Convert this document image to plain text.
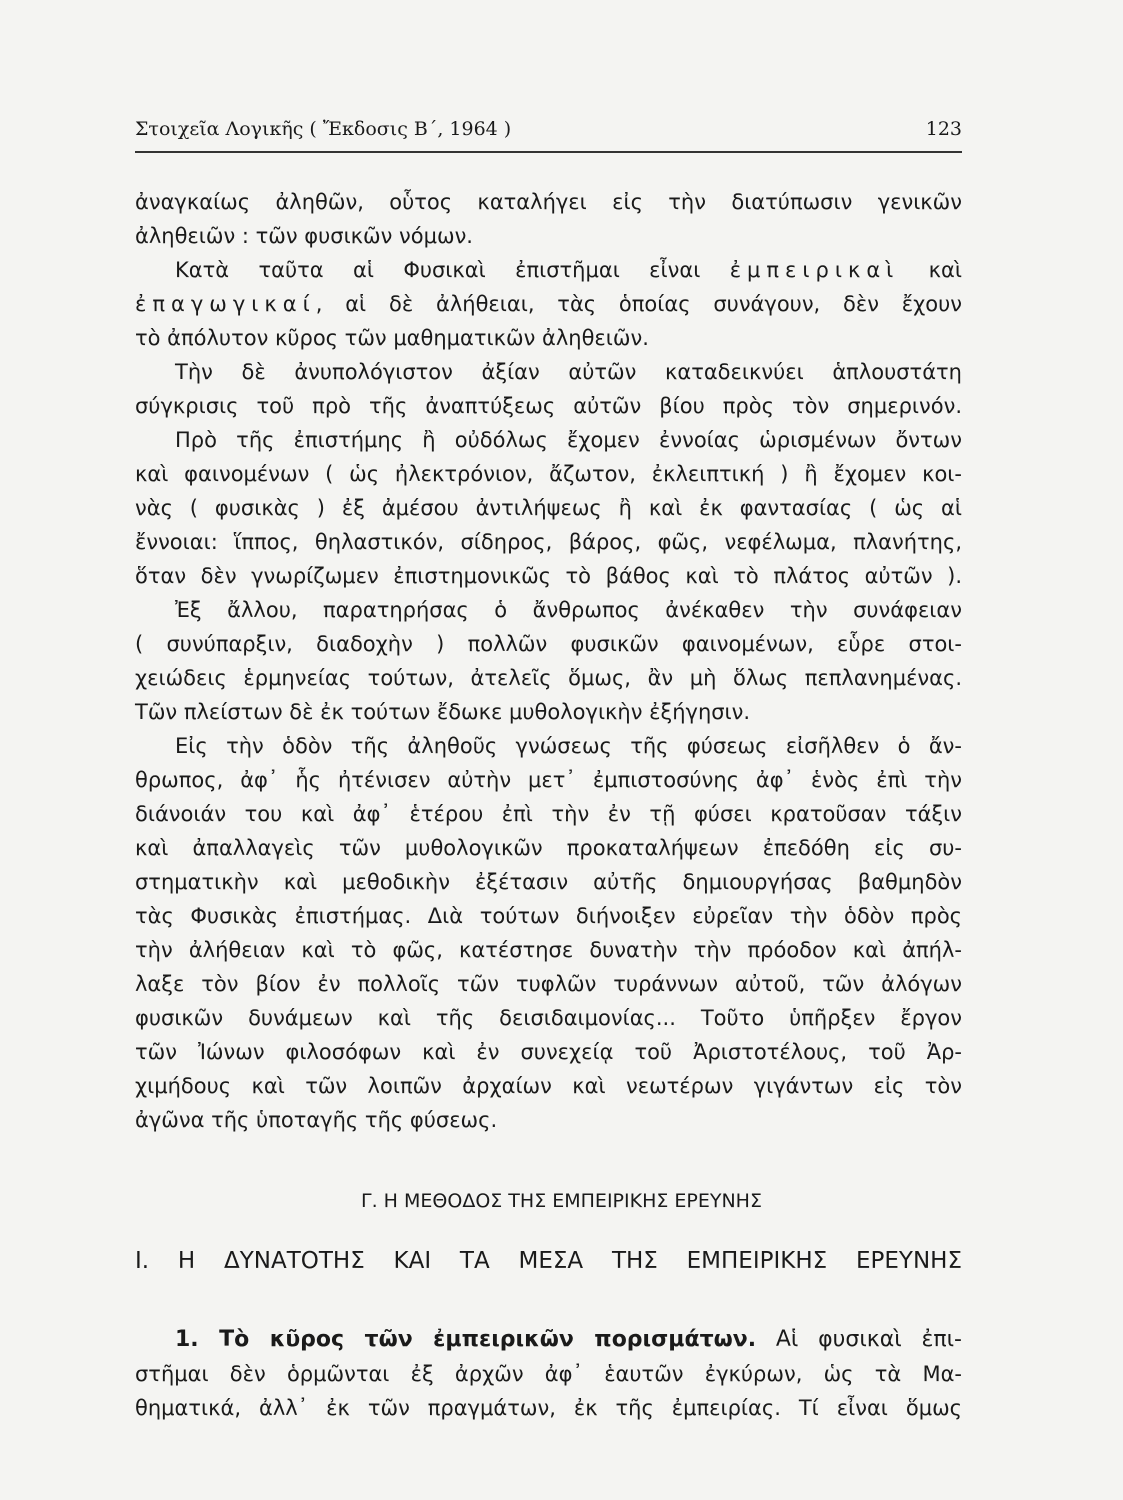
Στοιχεῖα Λογικῆς ( Ἔκδοσις Β΄, 1964 )	123
ἀναγκαίως ἀληθῶν, οὗτος καταλήγει εἰς τὴν διατύπωσιν γενικῶν
ἀληθειῶν : τῶν φυσικῶν νόμων.
Κατὰ ταῦτα αἱ Φυσικαὶ ἐπιστῆμαι εἶναι ἐμπειρικαὶ καὶ
ἐπαγωγικαί, αἱ δὲ ἀλήθειαι, τὰς ὁποίας συνάγουν, δὲν ἔχουν
τὸ ἀπόλυτον κῦρος τῶν μαθηματικῶν ἀληθειῶν.
Τὴν δὲ ἀνυπολόγιστον ἀξίαν αὐτῶν καταδεικνύει ἁπλουστάτη
σύγκρισις τοῦ πρὸ τῆς ἀναπτύξεως αὐτῶν βίου πρὸς τὸν σημερινόν.
Πρὸ τῆς ἐπιστήμης ἢ οὐδόλως ἔχομεν ἐννοίας ὡρισμένων ὄντων
καὶ φαινομένων ( ὡς ἠλεκτρόνιον, ἄζωτον, ἐκλειπτική ) ἢ ἔχομεν κοι-
νὰς ( φυσικὰς ) ἐξ ἀμέσου ἀντιλήψεως ἢ καὶ ἐκ φαντασίας ( ὡς αἱ
ἔννοιαι: ἵππος, θηλαστικόν, σίδηρος, βάρος, φῶς, νεφέλωμα, πλανήτης,
ὅταν δὲν γνωρίζωμεν ἐπιστημονικῶς τὸ βάθος καὶ τὸ πλάτος αὐτῶν ).
Ἐξ ἄλλου, παρατηρήσας ὁ ἄνθρωπος ἀνέκαθεν τὴν συνάφειαν
( συνύπαρξιν, διαδοχὴν ) πολλῶν φυσικῶν φαινομένων, εὗρε στοι-
χειώδεις ἑρμηνείας τούτων, ἀτελεῖς ὅμως, ἂν μὴ ὅλως πεπλανημένας.
Τῶν πλείστων δὲ ἐκ τούτων ἔδωκε μυθολογικὴν ἐξήγησιν.
Εἰς τὴν ὁδὸν τῆς ἀληθοῦς γνώσεως τῆς φύσεως εἰσῆλθεν ὁ ἄν-
θρωπος, ἀφ᾽ ἧς ἠτένισεν αὐτὴν μετ᾽ ἐμπιστοσύνης ἀφ᾽ ἑνὸς ἐπὶ τὴν
διάνοιάν του καὶ ἀφ᾽ ἑτέρου ἐπὶ τὴν ἐν τῇ φύσει κρατοῦσαν τάξιν
καὶ ἀπαλλαγεὶς τῶν μυθολογικῶν προκαταλήψεων ἐπεδόθη εἰς συ-
στηματικὴν καὶ μεθοδικὴν ἐξέτασιν αὐτῆς δημιουργήσας βαθμηδὸν
τὰς Φυσικὰς ἐπιστήμας. Διὰ τούτων διήνοιξεν εὐρεῖαν τὴν ὁδὸν πρὸς
τὴν ἀλήθειαν καὶ τὸ φῶς, κατέστησε δυνατὴν τὴν πρόοδον καὶ ἀπήλ-
λαξε τὸν βίον ἐν πολλοῖς τῶν τυφλῶν τυράννων αὐτοῦ, τῶν ἀλόγων
φυσικῶν δυνάμεων καὶ τῆς δεισιδαιμονίας... Τοῦτο ὑπῆρξεν ἔργον
τῶν Ἰώνων φιλοσόφων καὶ ἐν συνεχείᾳ τοῦ Ἀριστοτέλους, τοῦ Ἀρ-
χιμήδους καὶ τῶν λοιπῶν ἀρχαίων καὶ νεωτέρων γιγάντων εἰς τὸν
ἀγῶνα τῆς ὑποταγῆς τῆς φύσεως.
Γ. Η ΜΕΘΟΔΟΣ ΤΗΣ ΕΜΠΕΙΡΙΚΗΣ ΕΡΕΥΝΗΣ
I. Η ΔΥΝΑΤΟΤΗΣ ΚΑΙ ΤΑ ΜΕΣΑ ΤΗΣ ΕΜΠΕΙΡΙΚΗΣ ΕΡΕΥΝΗΣ
1. Τὸ κῦρος τῶν ἐμπειρικῶν πορισμάτων. Αἱ φυσικαὶ ἐπι-
στῆμαι δὲν ὁρμῶνται ἐξ ἀρχῶν ἀφ᾽ ἑαυτῶν ἐγκύρων, ὡς τὰ Μα-
θηματικά, ἀλλ᾽ ἐκ τῶν πραγμάτων, ἐκ τῆς ἐμπειρίας. Τί εἶναι ὅμως
